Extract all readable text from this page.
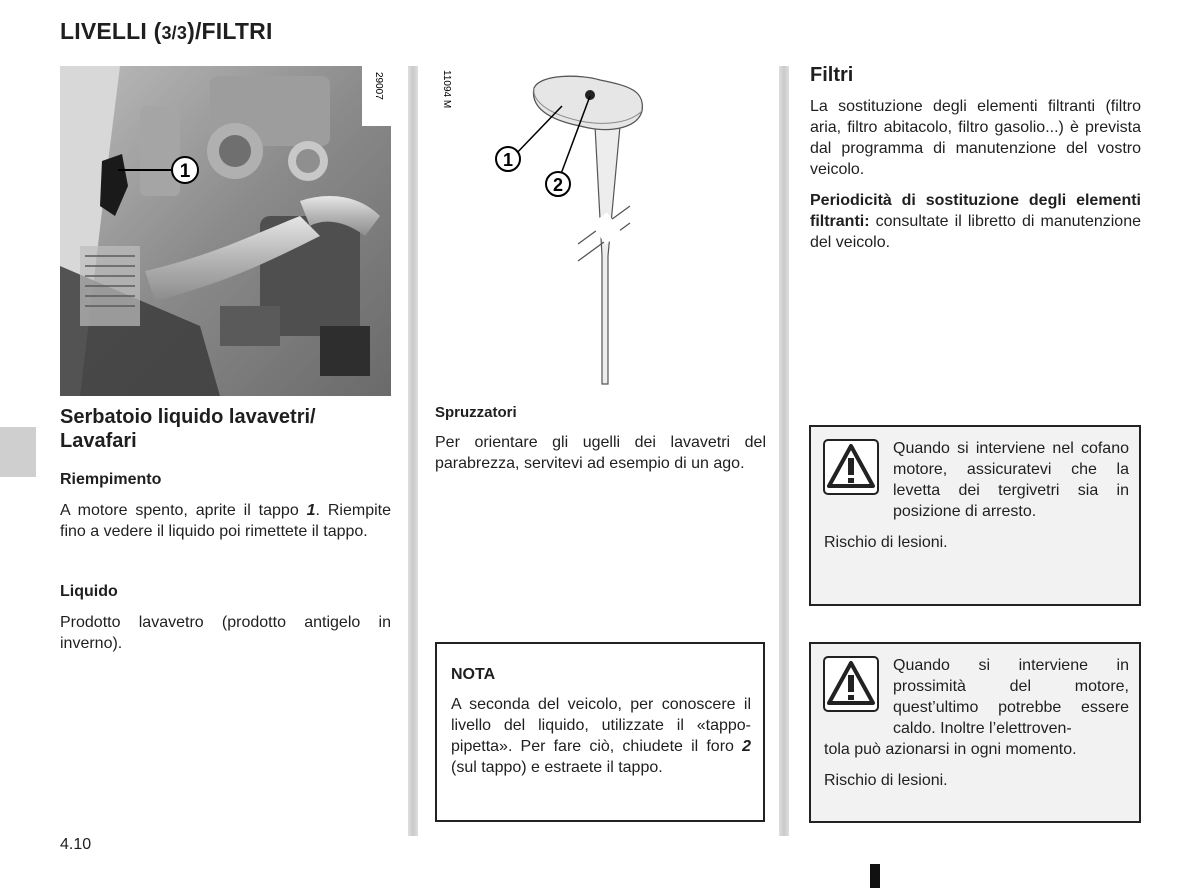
LIVELLI (3/3)/FILTRI
29007
1
Serbatoio liquido lavavetri/ Lavafari
Riempimento
A motore spento, aprite il tappo 1. Riempite fino a vedere il liquido poi rimettete il tappo.
Liquido
Prodotto lavavetro (prodotto antigelo in inverno).
11094 M
1
2
Spruzzatori
Per orientare gli ugelli dei lavavetri del parabrezza, servitevi ad esempio di un ago.
NOTA
A seconda del veicolo, per conoscere il livello del liquido, utilizzate il «tappo-pipetta». Per fare ciò, chiudete il foro 2 (sul tappo) e estraete il tappo.
Filtri
La sostituzione degli elementi filtranti (filtro aria, filtro abitacolo, filtro gasolio...) è prevista dal programma di manutenzione del vostro veicolo.
Periodicità di sostituzione degli elementi filtranti: consultate il libretto di manutenzione del veicolo.
Quando si interviene nel cofano motore, assicuratevi che la levetta dei tergivetri sia in posizione di arresto.
Rischio di lesioni.
Quando si interviene in prossimità del motore, quest’ultimo potrebbe essere caldo. Inoltre l’elettroven-
tola può azionarsi in ogni momento.
Rischio di lesioni.
4.10
